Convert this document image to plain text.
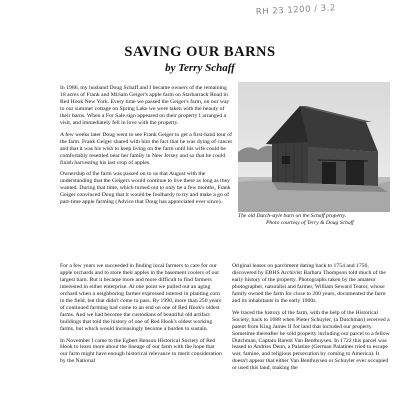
RH 23 1200 / 3.2
SAVING OUR BARNS
by Terry Schaff

In 1986, my husband Doug Schaff and I became owners of the remaining 18 acres of Frank and Miriam Geiger's apple farm on Starbarrack Road in Red Hook New York. Every time we passed the Geiger's farm, on our way to our summer cottage on Spring Lake we were taken with the beauty of their barns. When a For Sale sign appeared on their property I arranged a visit, and immediately fell in love with the property.

A few weeks later Doug went to see Frank Geiger to get a first-hand tour of the farm. Frank Geiger shared with him the fact that he was dying of cancer and that it was his wish to keep living on the farm until his wife could be comfortably resettled near her family in New Jersey and so that he could finish harvesting his last crop of apples.

Ownership of the farm was passed on to us that August with the understanding that the Geigers would continue to live there as long as they wanted. During that time, which turned out to only be a few months, Frank Geiger convinced Doug that it would be foolhardy to try and make a go of part-time apple farming (Advice that Doug has appreciated ever since).

The old Dutch-style barn on the Schaff property.
Photo courtesy of Terry & Doug Schaff

For a few years we succeeded in finding local farmers to care for our apple orchards and to store their apples in the basement coolers of our largest barn. But it became more and more difficult to find farmers interested in either enterprise. At one point we pulled out an aging orchard when a neighboring farmer expressed interest in planting corn in the field, but that didn't come to pass. By 1990, more than 250 years of continued farming had come to an end on one of Red Hook's oldest farms. And we had become the custodians of beautiful old artifact buildings that told the history of one of Red Hook's oldest working farms, but which would increasingly become a burden to sustain.

In November I came to the Egbert Benson Historical Society of Red Hook to learn more about the lineage of our farm with the hope that our farm might have enough historical relevance to merit consideration by the National

Original leases on parchment dating back to 1754 and 1756, discovered by EBHS Archivist Barbara Thompson told much of the early history of the property. Photographs taken by the amateur photographer, naturalist and farmer, William Seward Teator, whose family owned the farm for close to 200 years, documented the farm and its inhabitants in the early 1900s.

We traced the history of the farm, with the help of the Historical Society, back to 1688 when Pieter Schuyler, (a Dutchman) received a patent from King James II for land that included our property. Sometime thereafter he sold property including our parcel to a fellow Dutchman, Captain Barent Van Benthuysen. In 1722 this parcel was leased to Andries Denn, a Palatine (German Palatines tried to escape war, famine, and religious persecution by coming to America). It doesn't appear that either Van Benthuysen or Schuyler ever occupied or used this land, making the
